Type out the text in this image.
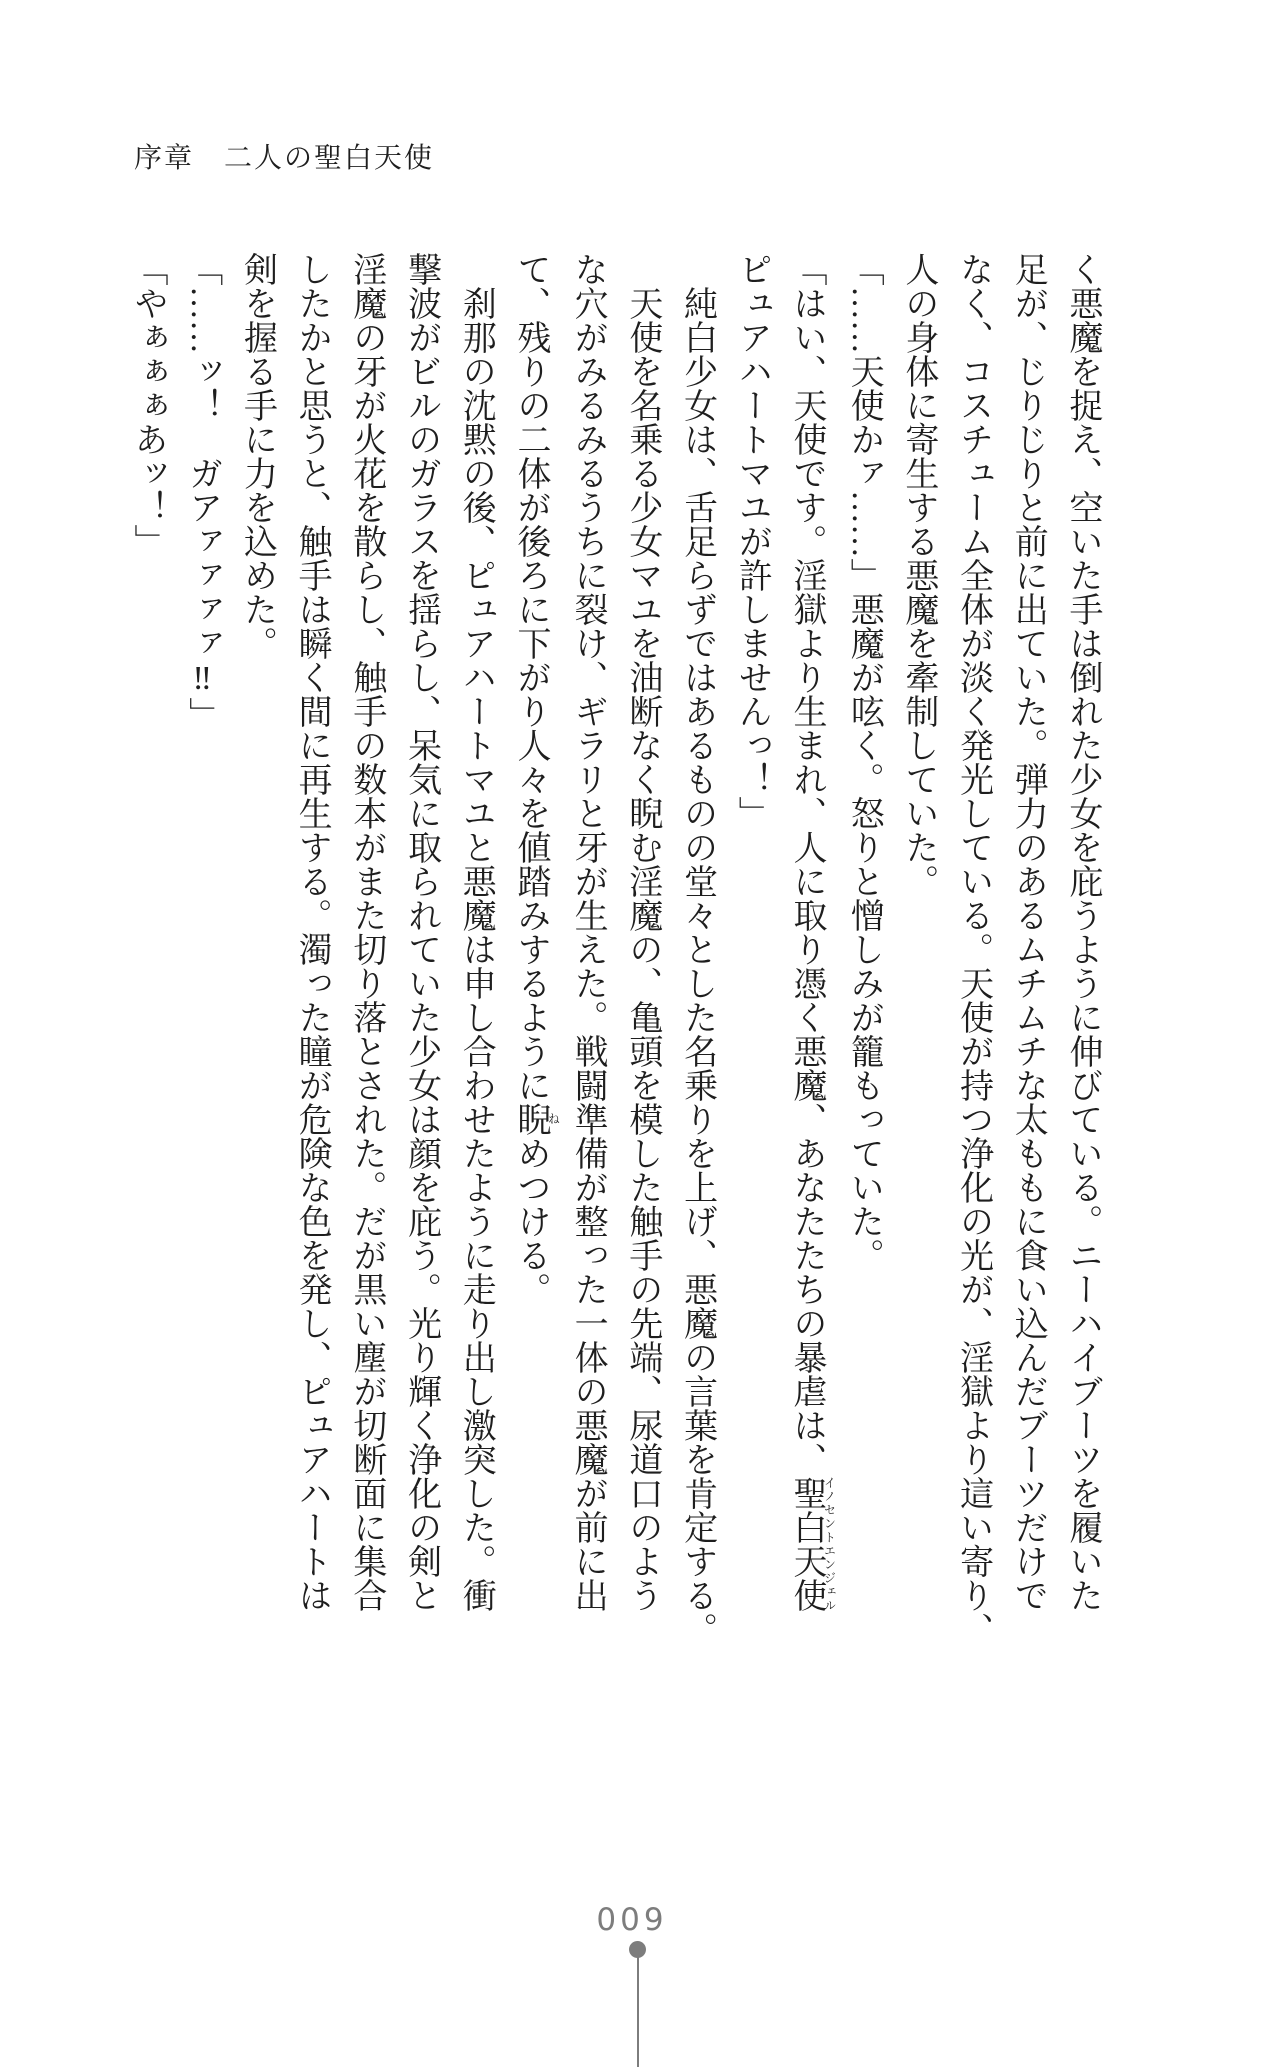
序章　二人の聖白天使
く悪魔を捉え、空いた手は倒れた少女を庇うように伸びている。ニーハイブーツを履いた
足が、じりじりと前に出ていた。弾力のあるムチムチな太ももに食い込んだブーツだけで
なく、コスチューム全体が淡く発光している。天使が持つ浄化の光が、淫獄より這い寄り、
人の身体に寄生する悪魔を牽制していた。
「……天使かァ……」悪魔が呟く。怒りと憎しみが籠もっていた。
「はい、天使です。淫獄より生まれ、人に取り憑く悪魔、あなたたちの暴虐は、聖白天使イノセントエンジェル
ピュアハートマユが許しませんっ！」
　純白少女は、舌足らずではあるものの堂々とした名乗りを上げ、悪魔の言葉を肯定する。
　天使を名乗る少女マユを油断なく睨む淫魔の、亀頭を模した触手の先端、尿道口のよう
な穴がみるみるうちに裂け、ギラリと牙が生えた。戦闘準備が整った一体の悪魔が前に出
て、残りの二体が後ろに下がり人々を値踏みするように睨ねめつける。
　刹那の沈黙の後、ピュアハートマユと悪魔は申し合わせたように走り出し激突した。衝
撃波がビルのガラスを揺らし、呆気に取られていた少女は顔を庇う。光り輝く浄化の剣と
淫魔の牙が火花を散らし、触手の数本がまた切り落とされた。だが黒い塵が切断面に集合
したかと思うと、触手は瞬く間に再生する。濁った瞳が危険な色を発し、ピュアハートは
剣を握る手に力を込めた。
「……ッ！　ガアァァァァ‼」
「やぁぁぁあッ！」
009
